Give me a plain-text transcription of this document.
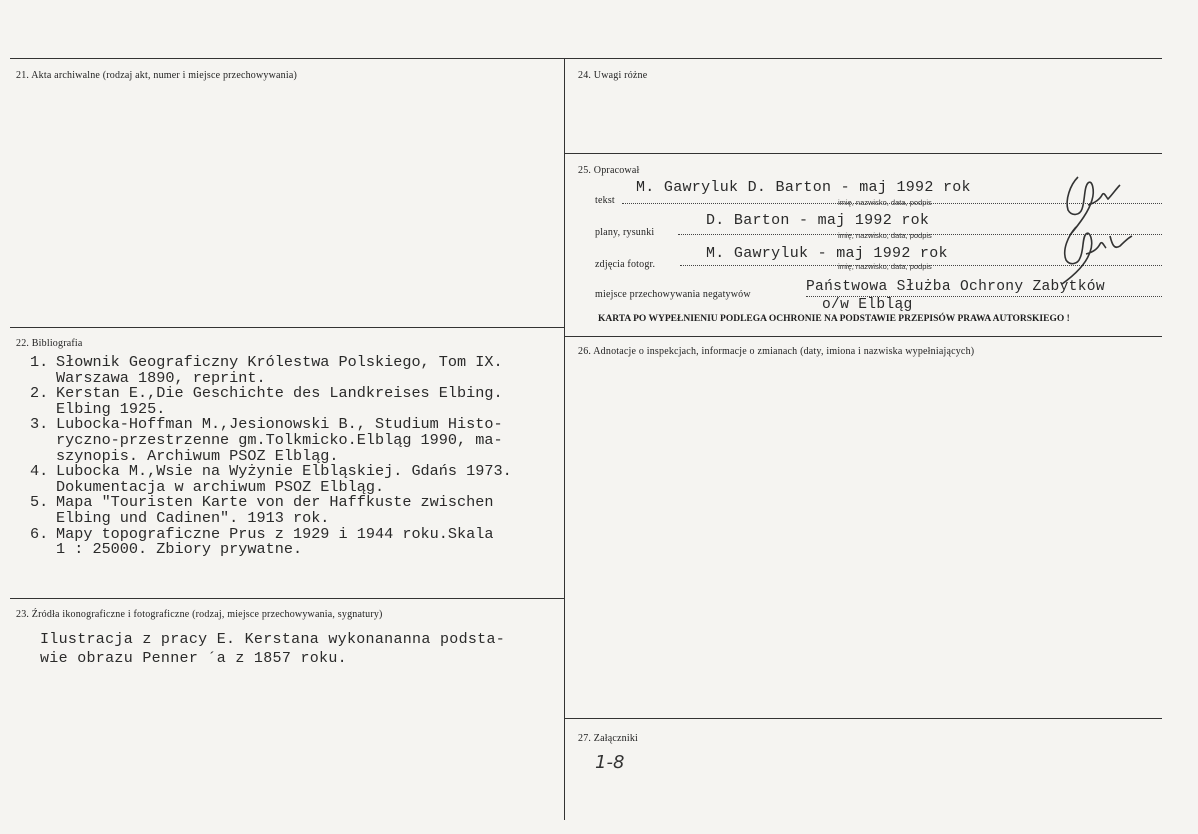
21. Akta archiwalne (rodzaj akt, numer i miejsce przechowywania)
22. Bibliografia
1. Słownik Geograficzny Królestwa Polskiego, Tom IX.
Warszawa 1890, reprint.
2. Kerstan E.,Die Geschichte des Landkreises Elbing.
Elbing 1925.
3. Lubocka-Hoffman M.,Jesionowski B., Studium Histo-
ryczno-przestrzenne gm.Tolkmicko.Elbląg 1990, ma-
szynopis. Archiwum PSOZ Elbląg.
4. Lubocka M.,Wsie na Wyżynie Elbląskiej. Gdańs 1973.
Dokumentacja w archiwum PSOZ Elbląg.
5. Mapa "Touristen Karte von der Haffkuste zwischen
Elbing und Cadinen". 1913 rok.
6. Mapy topograficzne Prus z 1929 i 1944 roku.Skala
1 : 25000. Zbiory prywatne.
23. Źródła ikonograficzne i fotograficzne (rodzaj, miejsce przechowywania, sygnatury)
Ilustracja z pracy E. Kerstana wykonananna podsta-
wie obrazu Penner ´a z 1857 roku.
24. Uwagi różne
25. Opracował
tekst
M. Gawryluk D. Barton - maj 1992 rok
imię, nazwisko, data, podpis
plany, rysunki
D. Barton - maj 1992 rok
imię, nazwisko, data, podpis
zdjęcia fotogr.
M. Gawryluk - maj 1992 rok
imię, nazwisko, data, podpis
miejsce przechowywania negatywów	Państwowa Służba Ochrony Zabytków
o/w Elbląg
KARTA PO WYPEŁNIENIU PODLEGA OCHRONIE NA PODSTAWIE PRZEPISÓW PRAWA AUTORSKIEGO !
26. Adnotacje o inspekcjach, informacje o zmianach (daty, imiona i nazwiska wypełniających)
27. Załączniki
1-8
